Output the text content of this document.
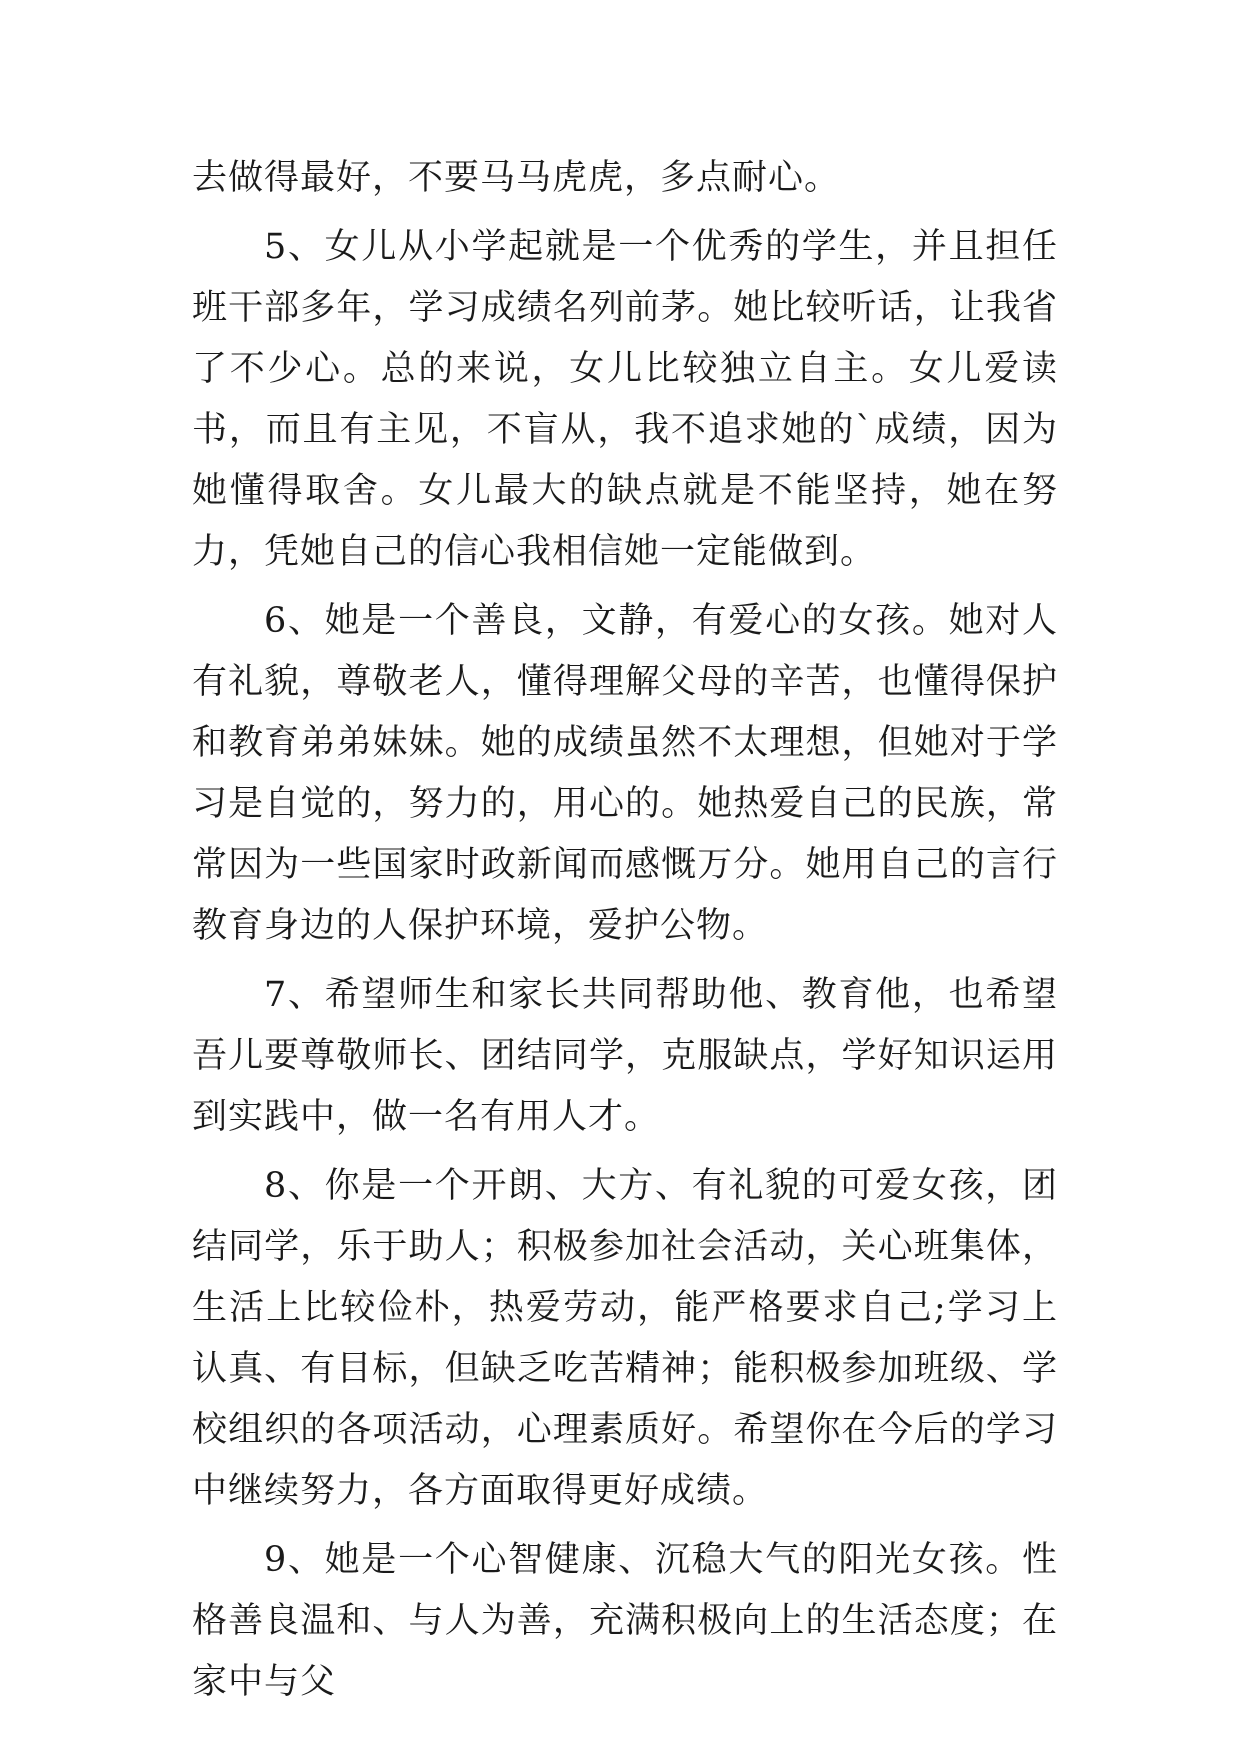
去做得最好，不要马马虎虎，多点耐心。

5、女儿从小学起就是一个优秀的学生，并且担任班干部多年，学习成绩名列前茅。她比较听话，让我省了不少心。总的来说，女儿比较独立自主。女儿爱读书，而且有主见，不盲从，我不追求她的`成绩，因为她懂得取舍。女儿最大的缺点就是不能坚持，她在努力，凭她自己的信心我相信她一定能做到。

6、她是一个善良，文静，有爱心的女孩。她对人有礼貌，尊敬老人，懂得理解父母的辛苦，也懂得保护和教育弟弟妹妹。她的成绩虽然不太理想，但她对于学习是自觉的，努力的，用心的。她热爱自己的民族，常常因为一些国家时政新闻而感慨万分。她用自己的言行教育身边的人保护环境，爱护公物。

7、希望师生和家长共同帮助他、教育他，也希望吾儿要尊敬师长、团结同学，克服缺点，学好知识运用到实践中，做一名有用人才。

8、你是一个开朗、大方、有礼貌的可爱女孩，团结同学，乐于助人；积极参加社会活动，关心班集体，生活上比较俭朴，热爱劳动，能严格要求自己;学习上认真、有目标，但缺乏吃苦精神；能积极参加班级、学校组织的各项活动，心理素质好。希望你在今后的学习中继续努力，各方面取得更好成绩。

9、她是一个心智健康、沉稳大气的阳光女孩。性格善良温和、与人为善，充满积极向上的生活态度；在家中与父
